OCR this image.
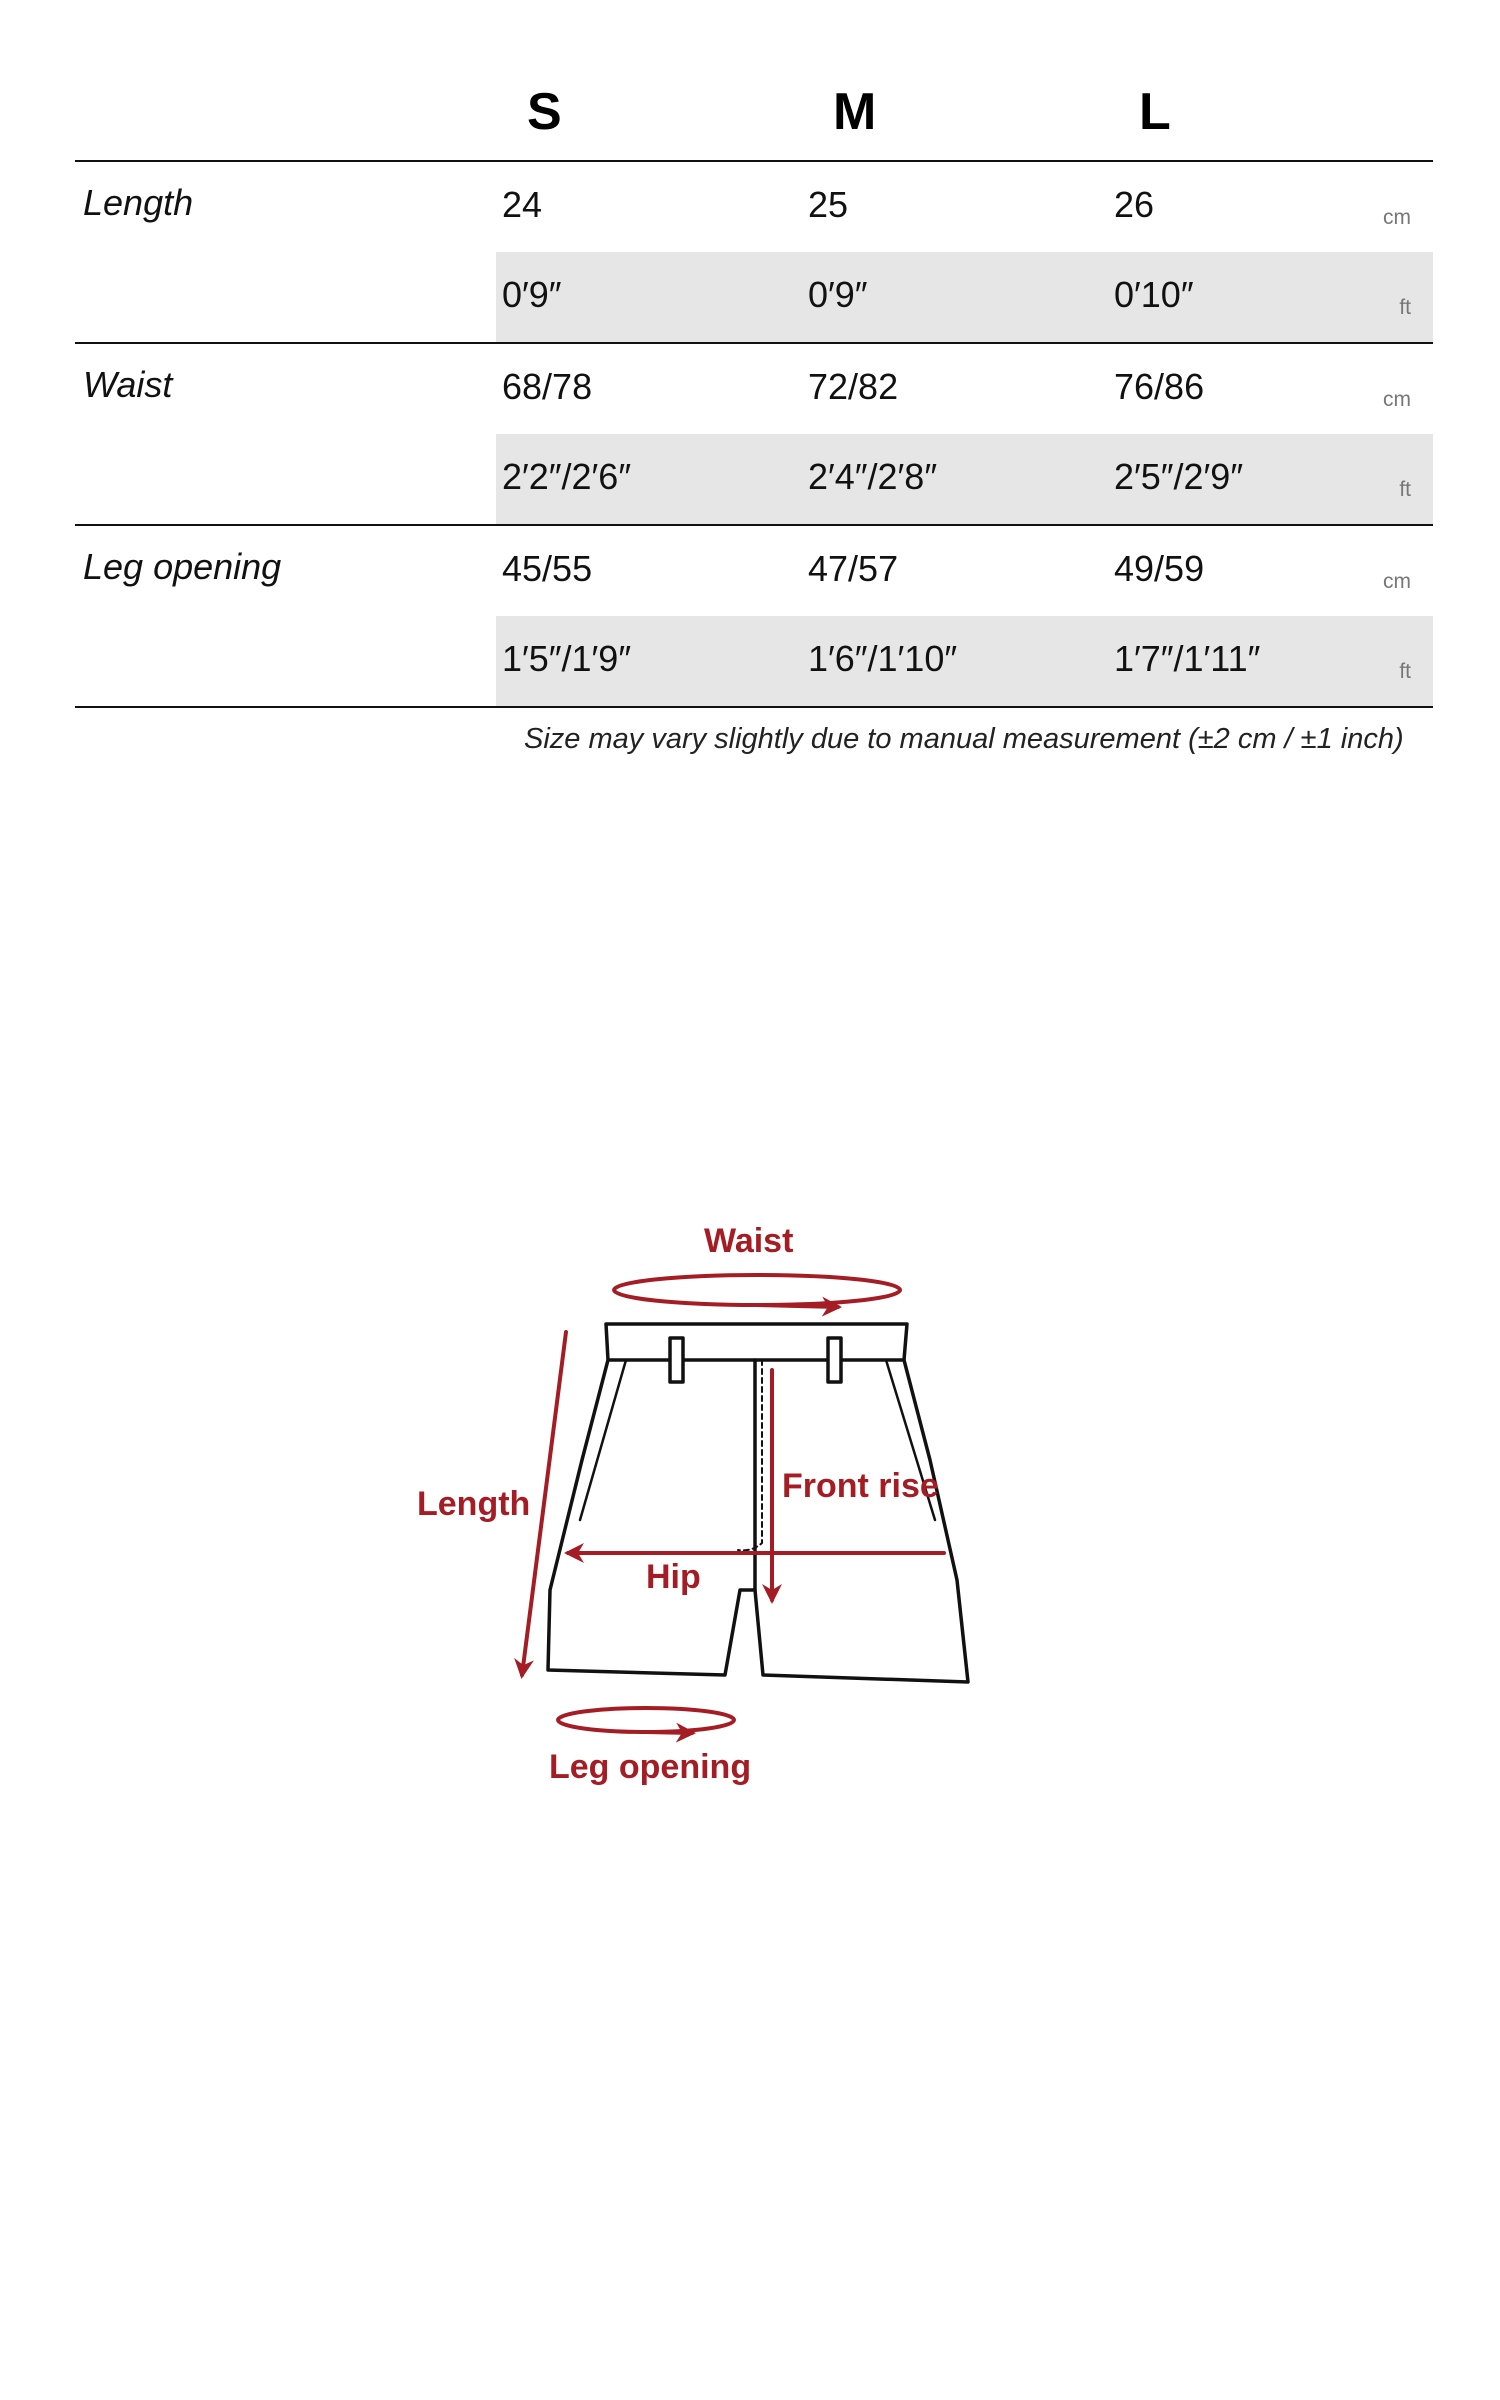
S	M	L
Length	24	25	26	cm
0′9″	0′9″	0′10″	ft
Waist	68/78	72/82	76/86	cm
2′2″/2′6″	2′4″/2′8″	2′5″/2′9″	ft
Leg opening	45/55	47/57	49/59	cm
1′5″/1′9″	1′6″/1′10″	1′7″/1′11″	ft
Size may vary slightly due to manual measurement (±2 cm / ±1 inch)
Waist
Length	Front rise
Hip
Leg opening
